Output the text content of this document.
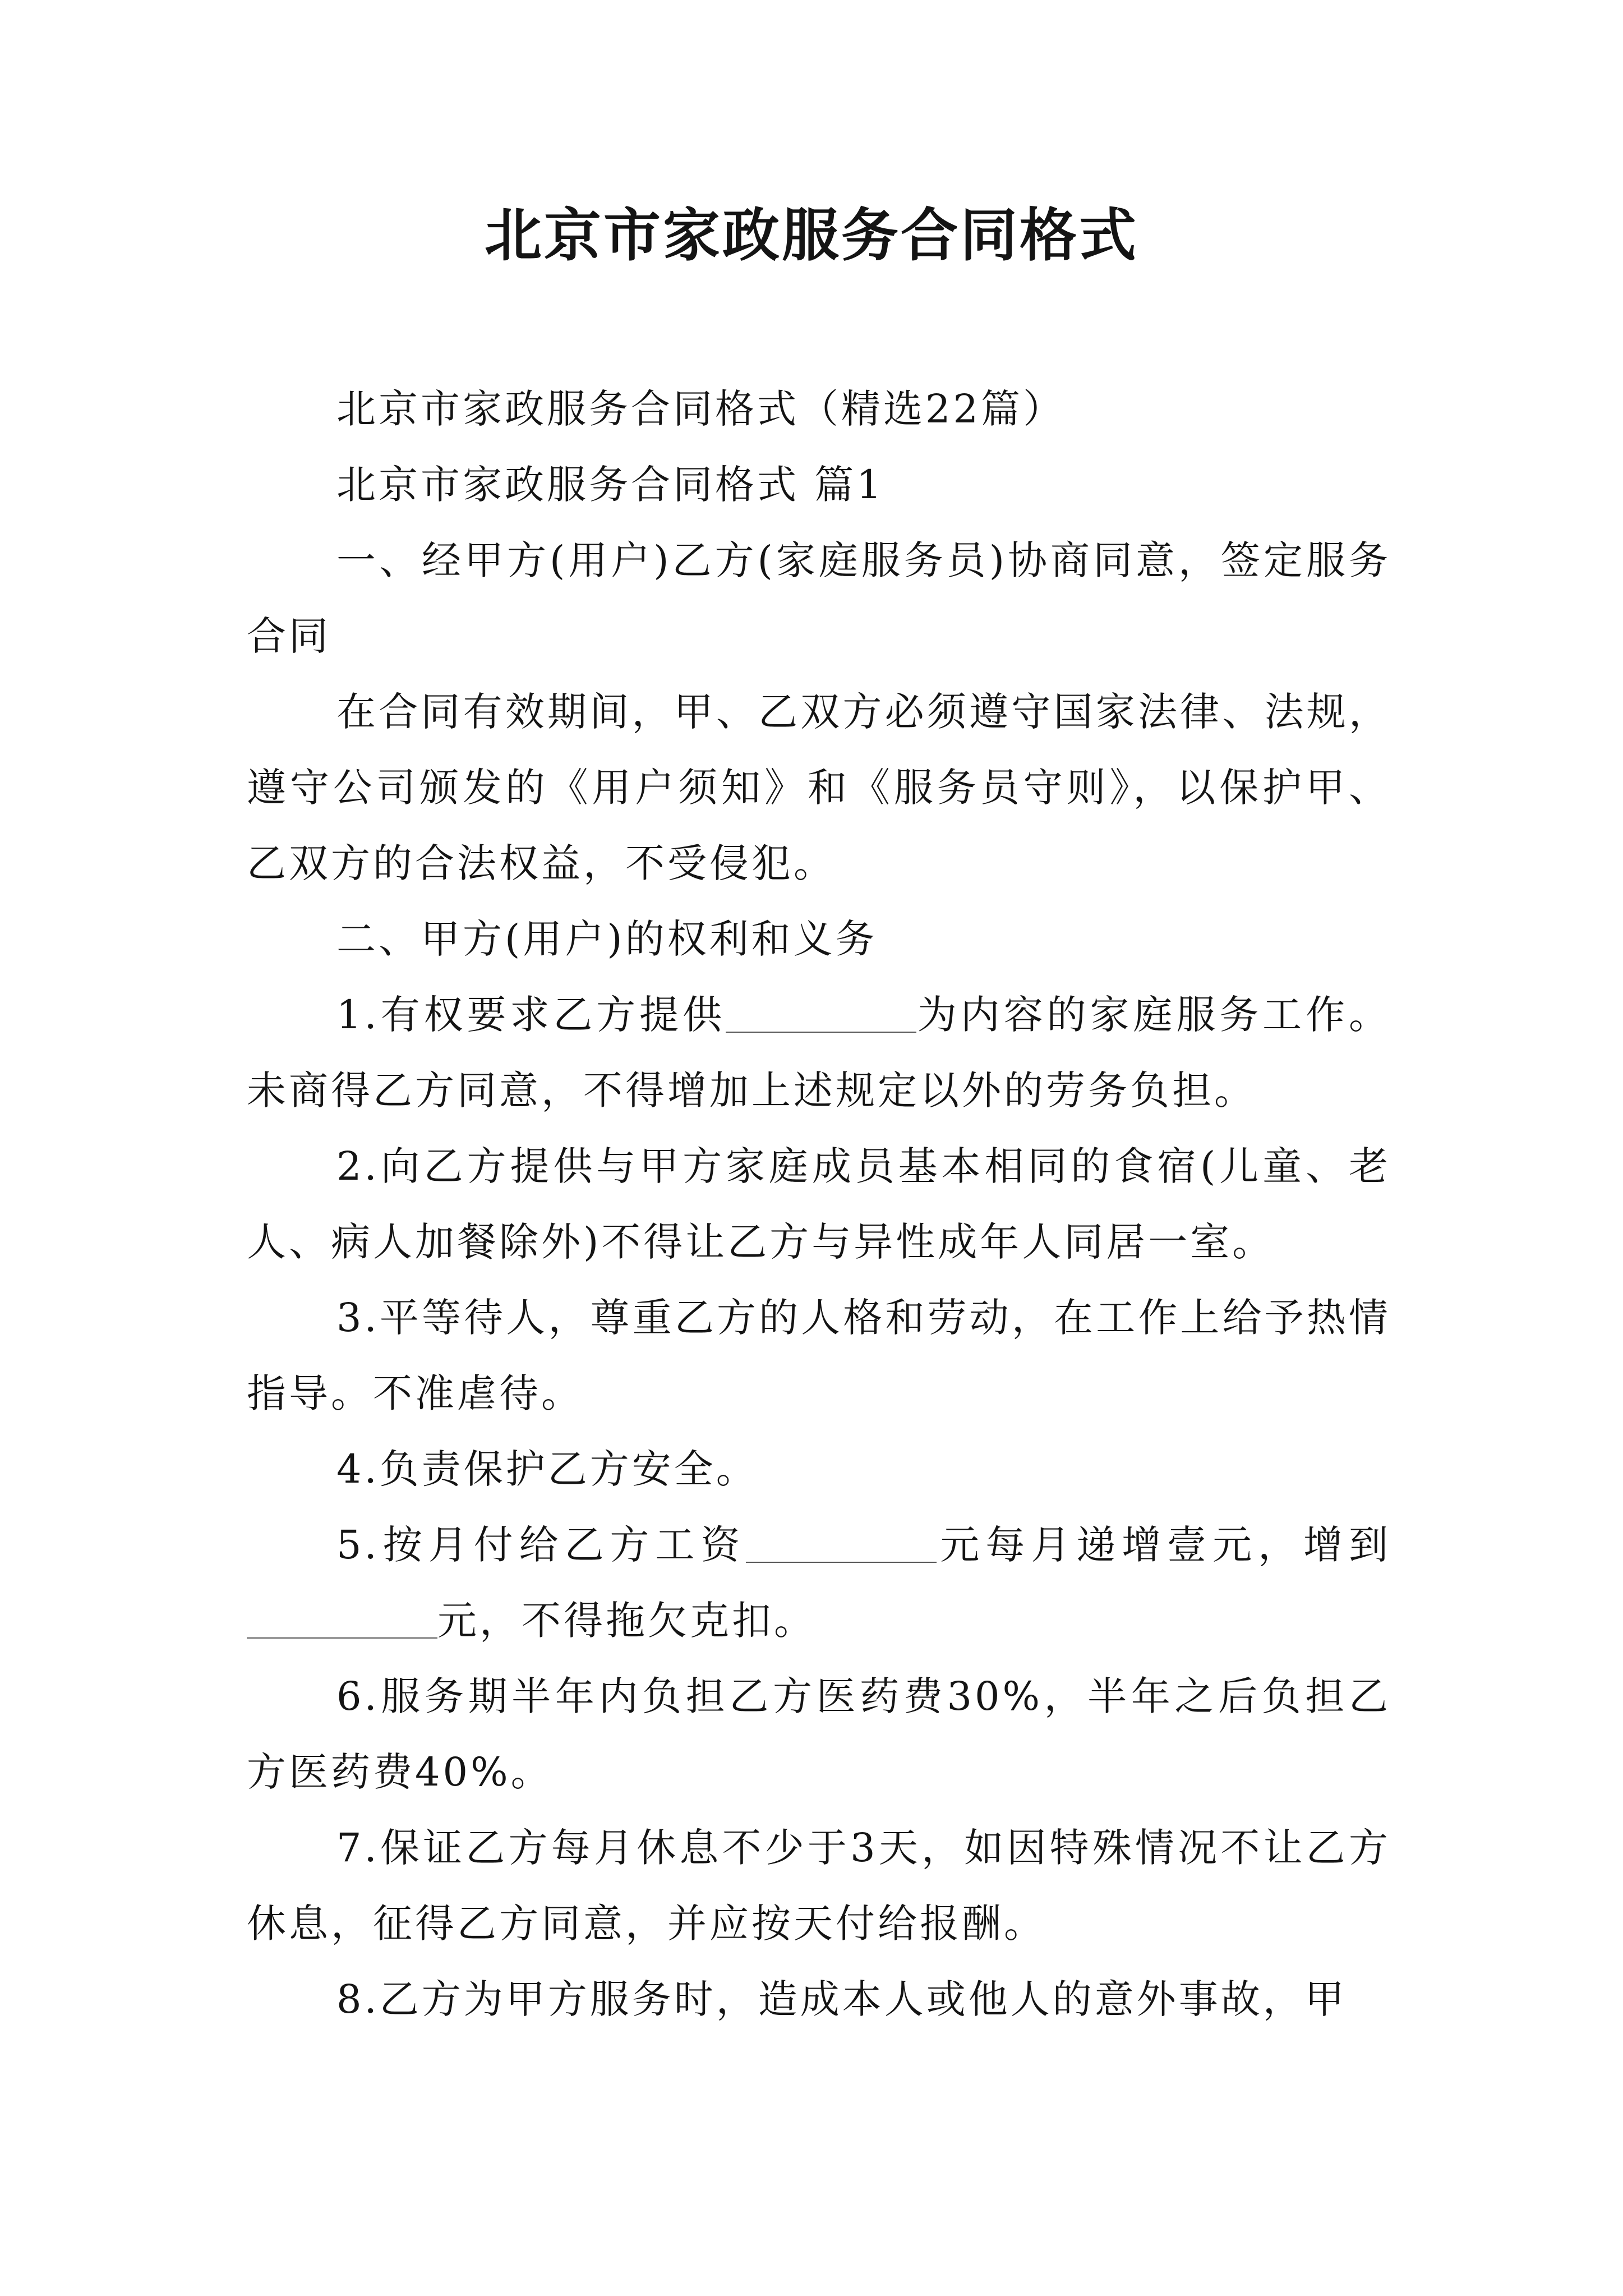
北京市家政服务合同格式

北京市家政服务合同格式（精选22篇）

北京市家政服务合同格式 篇1

一、经甲方(用户)乙方(家庭服务员)协商同意，签定服务合同

在合同有效期间，甲、乙双方必须遵守国家法律、法规，遵守公司颁发的《用户须知》和《服务员守则》，以保护甲、乙双方的合法权益，不受侵犯。

二、甲方(用户)的权利和义务

1.有权要求乙方提供	为内容的家庭服务工作。未商得乙方同意，不得增加上述规定以外的劳务负担。

2.向乙方提供与甲方家庭成员基本相同的食宿(儿童、老人、病人加餐除外)不得让乙方与异性成年人同居一室。

3.平等待人，尊重乙方的人格和劳动，在工作上给予热情指导。不准虐待。

4.负责保护乙方安全。

5.按月付给乙方工资	元每月递增壹元，增到元，不得拖欠克扣。

6.服务期半年内负担乙方医药费30%，半年之后负担乙方医药费40%。

7.保证乙方每月休息不少于3天，如因特殊情况不让乙方休息，征得乙方同意，并应按天付给报酬。

8.乙方为甲方服务时，造成本人或他人的意外事故，甲
